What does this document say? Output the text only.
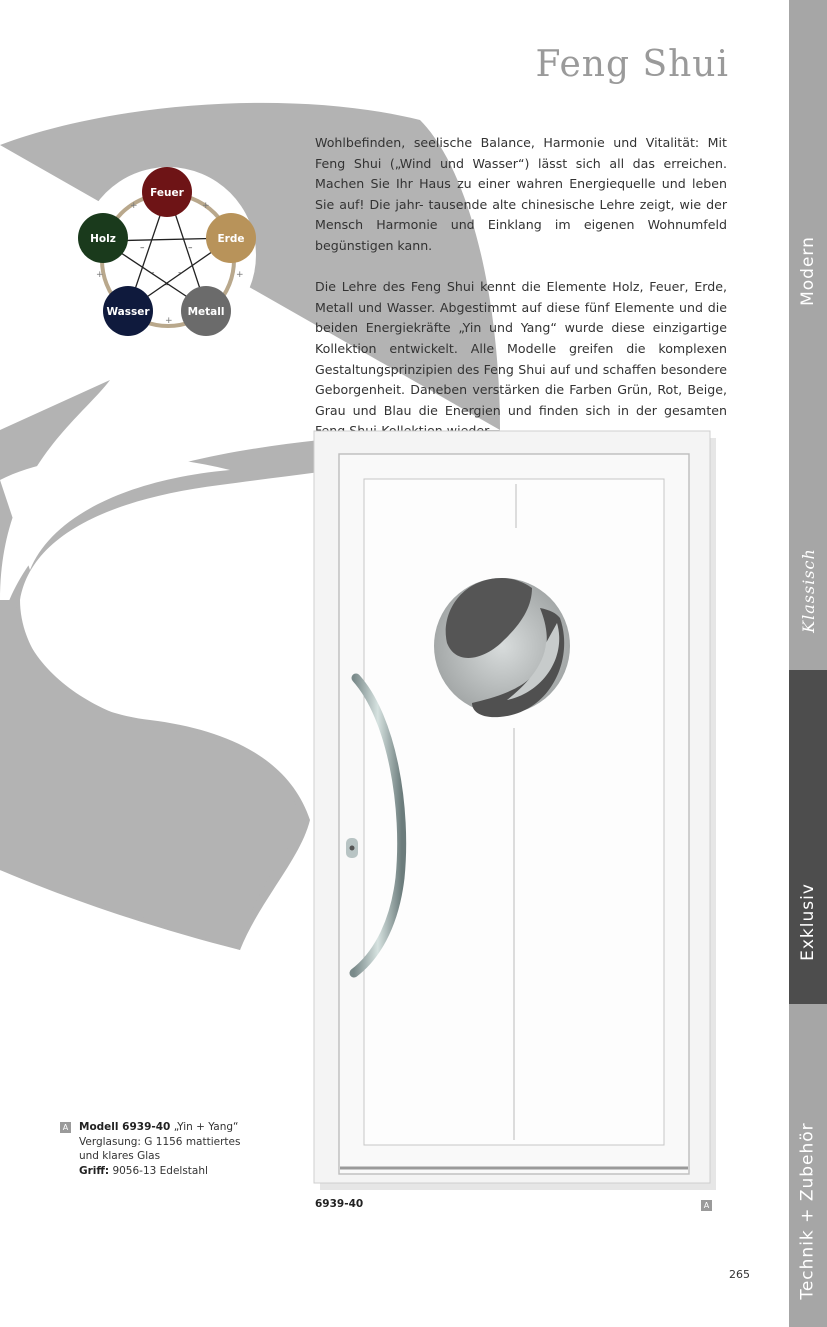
Feng Shui
+
+
+
+
+
–	–
–	–
–
Feuer
Erde
Metall
Wasser
Holz

Wohlbefinden, seelische Balance, Harmonie und Vitalität: Mit Feng Shui („Wind und Wasser“) lässt sich all das erreichen. Machen Sie Ihr Haus zu einer wahren Energiequelle und leben Sie auf! Die jahr- tausende alte chinesische Lehre zeigt, wie der Mensch Harmonie und Einklang im eigenen Wohnumfeld begünstigen kann.

Die Lehre des Feng Shui kennt die Elemente Holz, Feuer, Erde, Metall und Wasser. Abgestimmt auf diese fünf Elemente und die beiden Energiekräfte „Yin und Yang“ wurde diese einzigartige Kollektion entwickelt. Alle Modelle greifen die komplexen Gestaltungsprinzipien des Feng Shui auf und schaffen besondere Geborgenheit. Daneben verstärken die Farben Grün, Rot, Beige, Grau und Blau die Energien und finden sich in der gesamten

6939-40	A
A Modell 6939-40 „Yin + Yang“
Verglasung: G 1156 mattiertes
und klares Glas
Griff: 9056-13 Edelstahl
265
Modern
Klassisch
Exklusiv
Technik + Zubehör
